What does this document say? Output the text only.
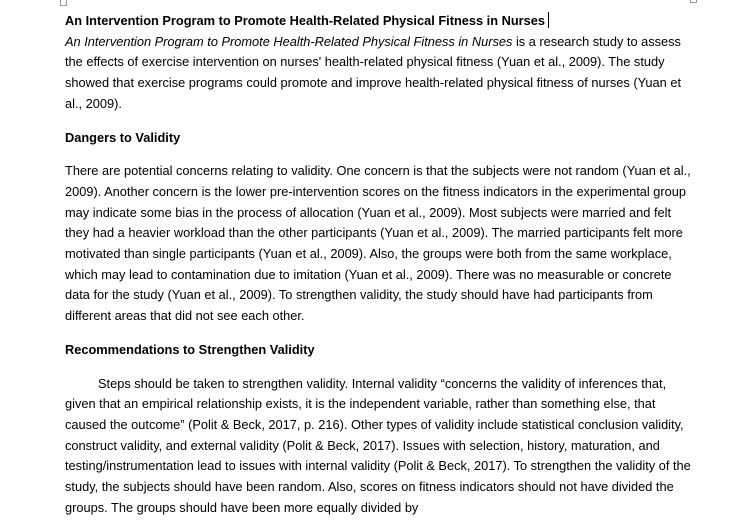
An Intervention Program to Promote Health-Related Physical Fitness in Nurses

An Intervention Program to Promote Health-Related Physical Fitness in Nurses is a research study to assess the effects of exercise intervention on nurses' health-related physical fitness (Yuan et al., 2009). The study showed that exercise programs could promote and improve health-related physical fitness of nurses (Yuan et al., 2009).

Dangers to Validity

There are potential concerns relating to validity. One concern is that the subjects were not random (Yuan et al., 2009). Another concern is the lower pre-intervention scores on the fitness indicators in the experimental group may indicate some bias in the process of allocation (Yuan et al., 2009). Most subjects were married and felt they had a heavier workload than the other participants (Yuan et al., 2009). The married participants felt more motivated than single participants (Yuan et al., 2009). Also, the groups were both from the same workplace, which may lead to contamination due to imitation (Yuan et al., 2009). There was no measurable or concrete data for the study (Yuan et al., 2009). To strengthen validity, the study should have had participants from different areas that did not see each other.

Recommendations to Strengthen Validity

Steps should be taken to strengthen validity. Internal validity “concerns the validity of inferences that, given that an empirical relationship exists, it is the independent variable, rather than something else, that caused the outcome” (Polit & Beck, 2017, p. 216). Other types of validity include statistical conclusion validity, construct validity, and external validity (Polit & Beck, 2017). Issues with selection, history, maturation, and testing/instrumentation lead to issues with internal validity (Polit & Beck, 2017). To strengthen the validity of the study, the subjects should have been random. Also, scores on fitness indicators should not have divided the groups. The groups should have been more equally divided by
